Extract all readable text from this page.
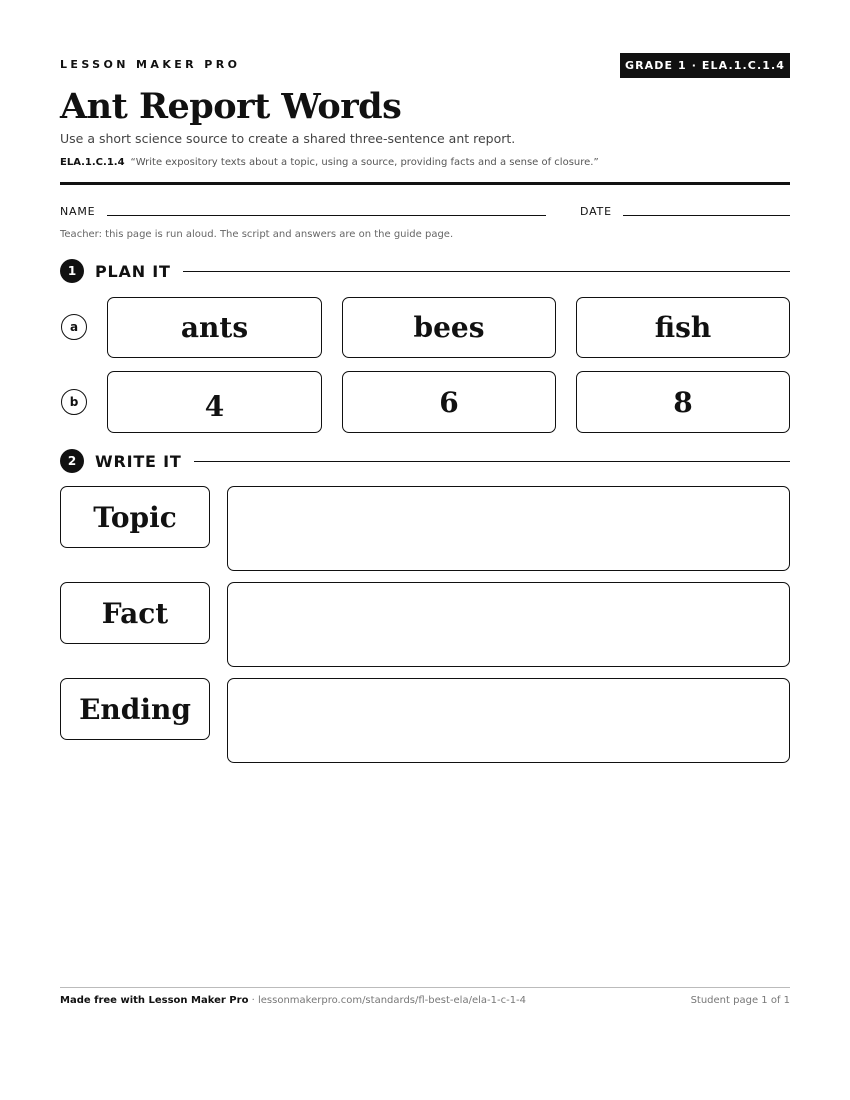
LESSON MAKER PRO	GRADE 1 · ELA.1.C.1.4
Ant Report Words

Use a short science source to create a shared three-sentence ant report.

ELA.1.C.1.4 “Write expository texts about a topic, using a source, providing facts and a sense of closure.”

NAME	DATE

Teacher: this page is run aloud. The script and answers are on the guide page.

1	PLAN IT
a	ants	bees	fish
b	4	6	8
2	WRITE IT
Topic
Fact
Ending

Made free with Lesson Maker Pro · lessonmakerpro.com/standards/fl-best-ela/ela-1-c-1-4	Student page 1 of 1
